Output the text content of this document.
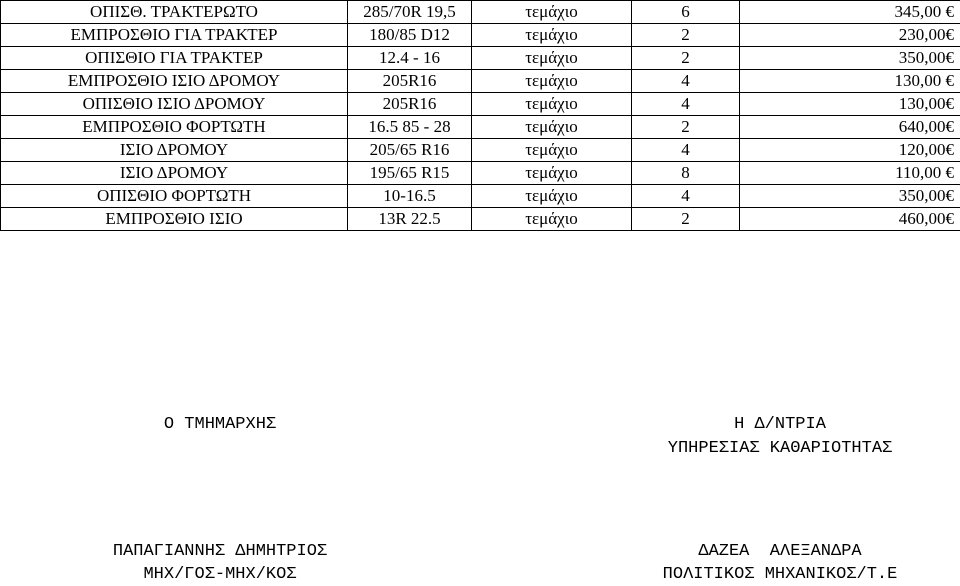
ΟΠΙΣΘ. ΤΡΑΚΤΕΡΩΤΟ	285/70R 19,5	τεμάχιο	6	345,00 €
ΕΜΠΡΟΣΘΙΟ ΓΙΑ ΤΡΑΚΤΕΡ	180/85 D12	τεμάχιο	2	230,00€
ΟΠΙΣΘΙΟ ΓΙΑ ΤΡΑΚΤΕΡ	12.4 - 16	τεμάχιο	2	350,00€
ΕΜΠΡΟΣΘΙΟ ΙΣΙΟ ΔΡΟΜΟΥ	205R16	τεμάχιο	4	130,00 €
ΟΠΙΣΘΙΟ ΙΣΙΟ ΔΡΟΜΟΥ	205R16	τεμάχιο	4	130,00€
ΕΜΠΡΟΣΘΙΟ ΦΟΡΤΩΤΗ	16.5 85 - 28	τεμάχιο	2	640,00€
ΙΣΙΟ ΔΡΟΜΟΥ	205/65 R16	τεμάχιο	4	120,00€
ΙΣΙΟ ΔΡΟΜΟΥ	195/65 R15	τεμάχιο	8	110,00 €
ΟΠΙΣΘΙΟ ΦΟΡΤΩΤΗ	10-16.5	τεμάχιο	4	350,00€
ΕΜΠΡΟΣΘΙΟ ΙΣΙΟ	13R 22.5	τεμάχιο	2	460,00€
Ο ΤΜΗΜΑΡΧΗΣ	Η Δ/ΝΤΡΙΑ
ΥΠΗΡΕΣΙΑΣ ΚΑΘΑΡΙΟΤΗΤΑΣ
ΠΑΠΑΓΙΑΝΝΗΣ ΔΗΜΗΤΡΙΟΣ
ΜΗΧ/ΓΟΣ-ΜΗΧ/ΚΟΣ
ΔΑΖΕΑ  ΑΛΕΞΑΝΔΡΑ
ΠΟΛΙΤΙΚΟΣ ΜΗΧΑΝΙΚΟΣ/Τ.Ε
